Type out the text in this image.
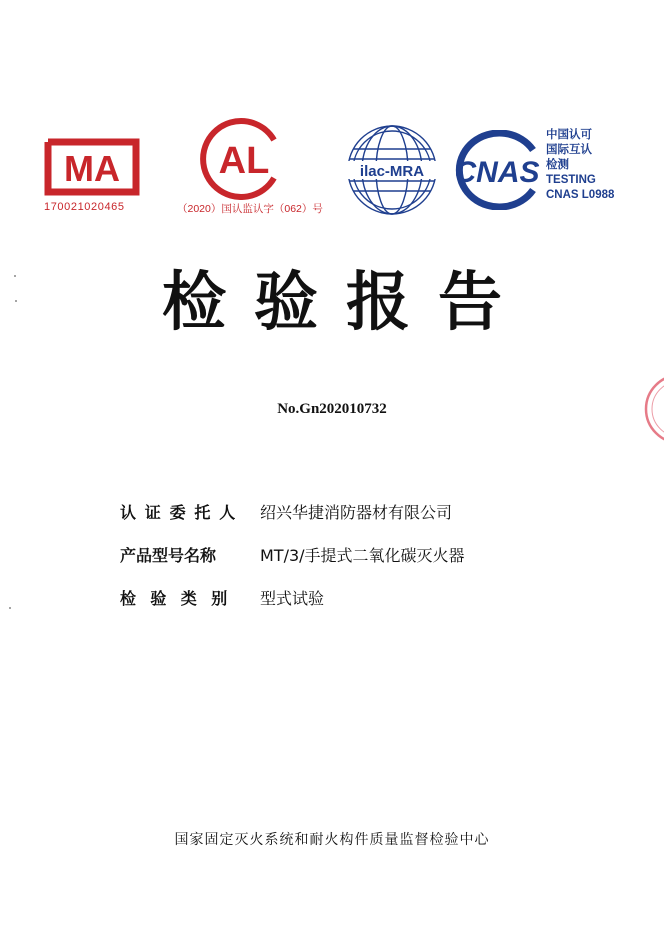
MA
170021020465
AL
（2020）国认监认字（062）号
ilac-MRA CNAS
中国认可
国际互认
检测
TESTING
CNAS L0988
检验报告
No.Gn202010732
认证委托人 绍兴华捷消防器材有限公司
产品型号名称	MT/3/手提式二氧化碳灭火器
检验类别	型式试验
国家固定灭火系统和耐火构件质量监督检验中心
